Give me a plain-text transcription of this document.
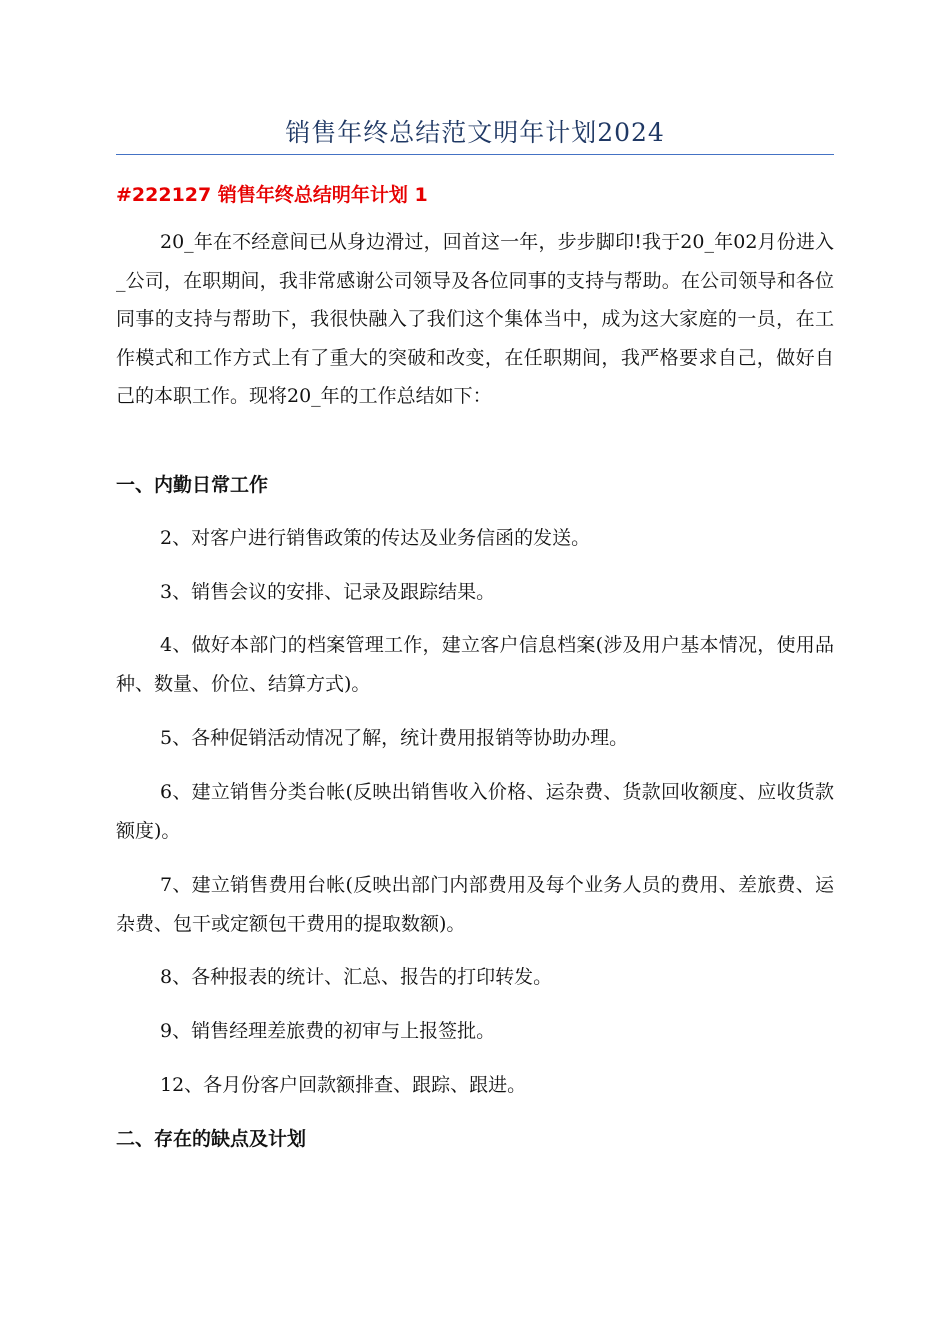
销售年终总结范文明年计划2024
#222127 销售年终总结明年计划 1

20_年在不经意间已从身边滑过，回首这一年，步步脚印!我于20_年02月份进入_公司，在职期间，我非常感谢公司领导及各位同事的支持与帮助。在公司领导和各位同事的支持与帮助下，我很快融入了我们这个集体当中，成为这大家庭的一员，在工作模式和工作方式上有了重大的突破和改变，在任职期间，我严格要求自己，做好自己的本职工作。现将20_年的工作总结如下：

一、内勤日常工作

2、对客户进行销售政策的传达及业务信函的发送。

3、销售会议的安排、记录及跟踪结果。

4、做好本部门的档案管理工作，建立客户信息档案(涉及用户基本情况，使用品种、数量、价位、结算方式)。

5、各种促销活动情况了解，统计费用报销等协助办理。

6、建立销售分类台帐(反映出销售收入价格、运杂费、货款回收额度、应收货款额度)。

7、建立销售费用台帐(反映出部门内部费用及每个业务人员的费用、差旅费、运杂费、包干或定额包干费用的提取数额)。

8、各种报表的统计、汇总、报告的打印转发。

9、销售经理差旅费的初审与上报签批。

12、各月份客户回款额排查、跟踪、跟进。

二、存在的缺点及计划
